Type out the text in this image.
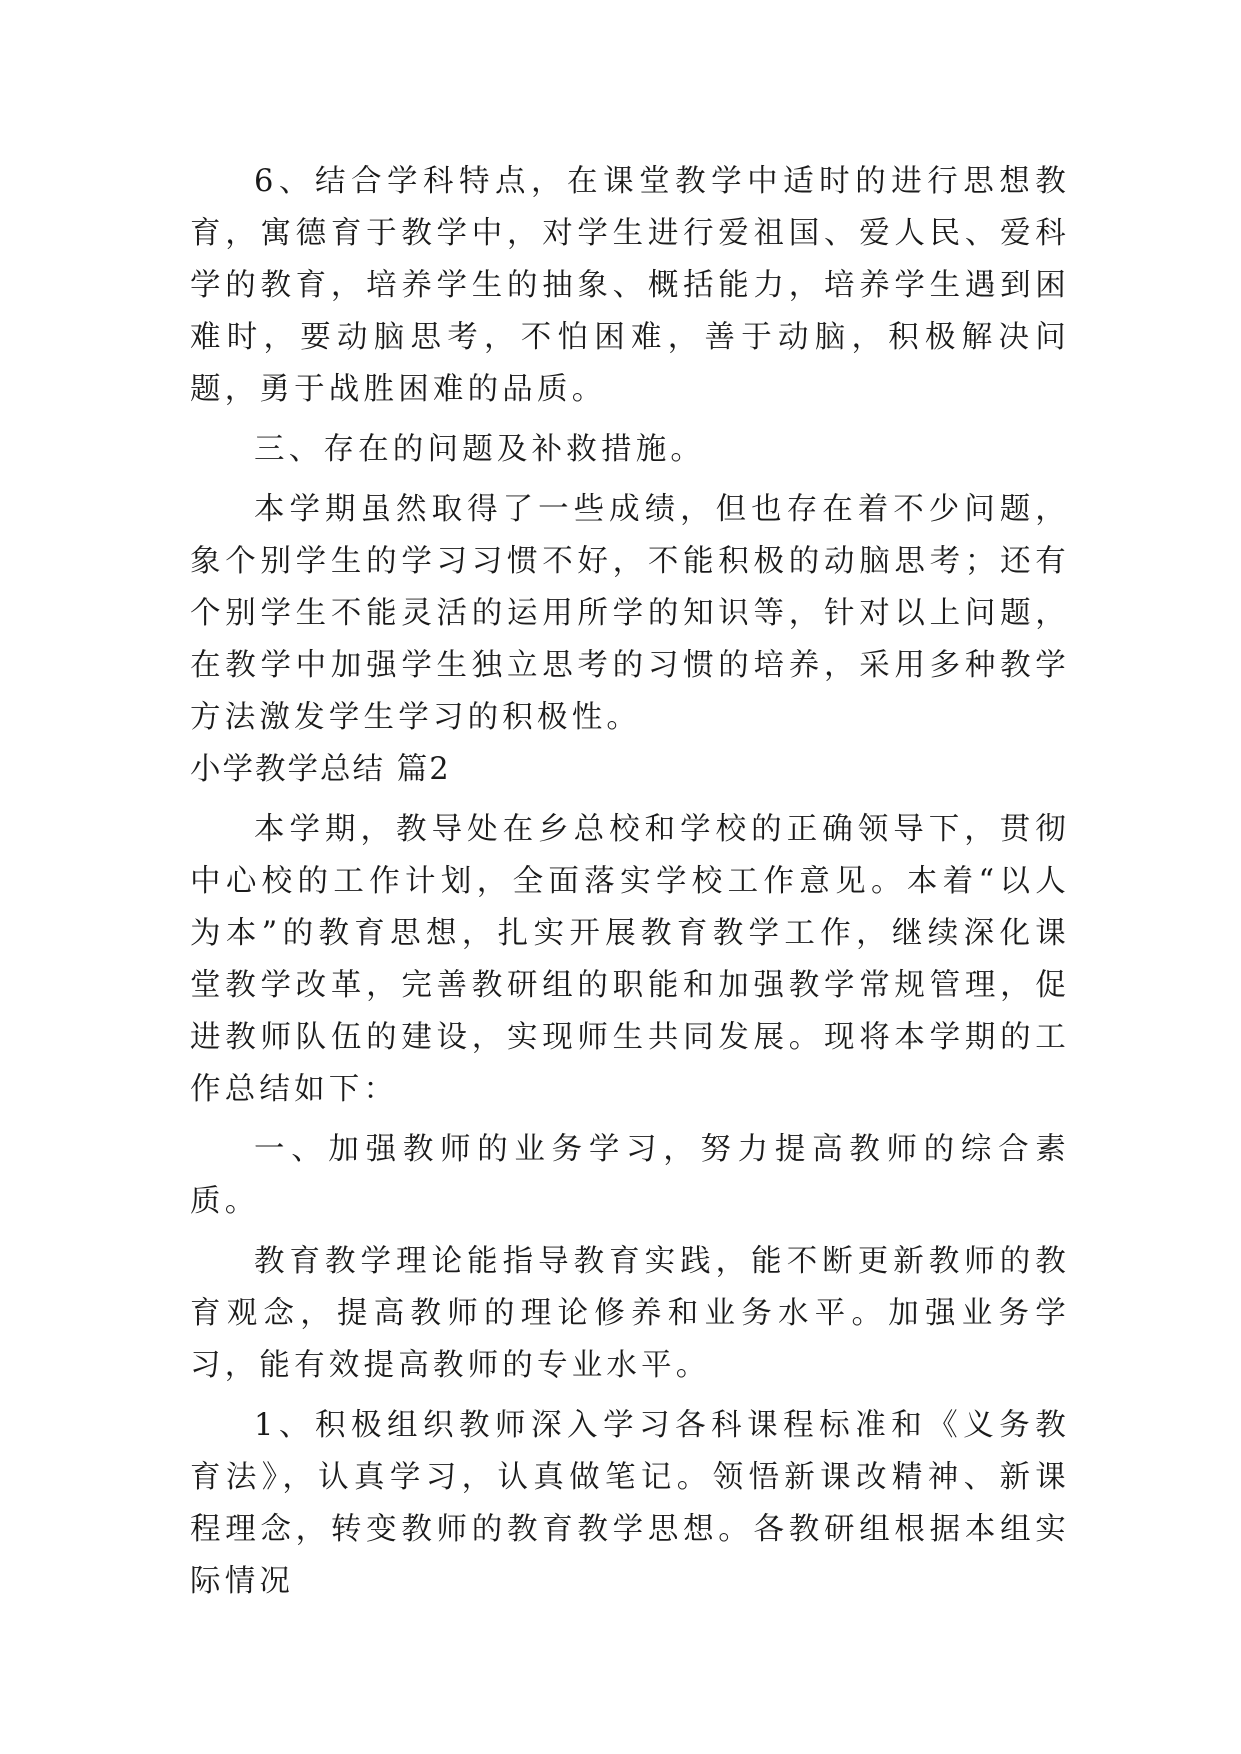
6、结合学科特点，在课堂教学中适时的进行思想教育，寓德育于教学中，对学生进行爱祖国、爱人民、爱科学的教育，培养学生的抽象、概括能力，培养学生遇到困难时，要动脑思考，不怕困难，善于动脑，积极解决问题，勇于战胜困难的品质。

三、存在的问题及补救措施。

本学期虽然取得了一些成绩，但也存在着不少问题，象个别学生的学习习惯不好，不能积极的动脑思考；还有个别学生不能灵活的运用所学的知识等，针对以上问题，在教学中加强学生独立思考的习惯的培养，采用多种教学方法激发学生学习的积极性。

小学教学总结 篇2

本学期，教导处在乡总校和学校的正确领导下，贯彻中心校的工作计划，全面落实学校工作意见。本着“以人为本”的教育思想，扎实开展教育教学工作，继续深化课堂教学改革，完善教研组的职能和加强教学常规管理，促进教师队伍的建设，实现师生共同发展。现将本学期的工作总结如下：

一、加强教师的业务学习，努力提高教师的综合素质。

教育教学理论能指导教育实践，能不断更新教师的教育观念，提高教师的理论修养和业务水平。加强业务学习，能有效提高教师的专业水平。

1、积极组织教师深入学习各科课程标准和《义务教育法》，认真学习，认真做笔记。领悟新课改精神、新课程理念，转变教师的教育教学思想。各教研组根据本组实际情况
